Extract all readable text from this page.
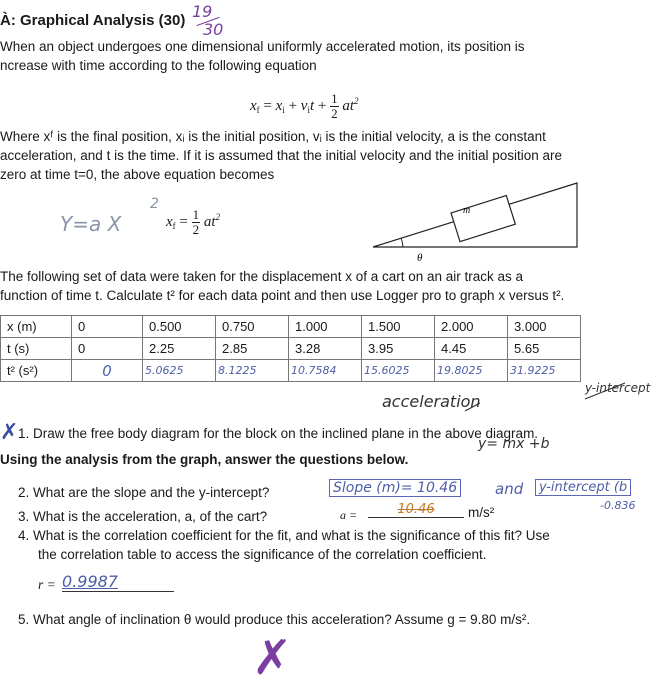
À: Graphical Analysis (30) 19
30
When an object undergoes one dimensional uniformly accelerated motion, its position is
ncrease with time according to the following equation
$x_f = x_i + v_it + \frac{1}{2} at^2$
Where xᶠ is the final position, xᵢ is the initial position, vᵢ is the initial velocity, a is the constant
acceleration, and t is the time. If it is assumed that the initial velocity and the initial position are
zero at time t=0, the above equation becomes
Y=a X
2
$x_f = \frac{1}{2} at^2$
m
θ
The following set of data were taken for the displacement x of a cart on an air track as a
function of time t. Calculate t² for each data point and then use Logger pro to graph x versus t².
x (m)	0	0.500	0.750	1.000	1.500	2.000	3.000
t (s)	0	2.25	2.85	3.28	3.95	4.45	5.65
t² (s²)	0	5.0625	8.1225	10.7584	15.6025	19.8025	31.9225
acceleration
y-intercept
y= mx +b
✗ 1. Draw the free body diagram for the block on the inclined plane in the above diagram.
Using the analysis from the graph, answer the questions below.
2. What are the slope and the y-intercept?	Slope (m)= 10.46	and	y-intercept (b
-0.836
3. What is the acceleration, a, of the cart?	a =	10.46	m/s²
4. What is the correlation coefficient for the fit, and what is the significance of this fit? Use
the correlation table to access the significance of the correlation coefficient.
r = 0.9987
5. What angle of inclination θ would produce this acceleration? Assume g = 9.80 m/s².
✗
